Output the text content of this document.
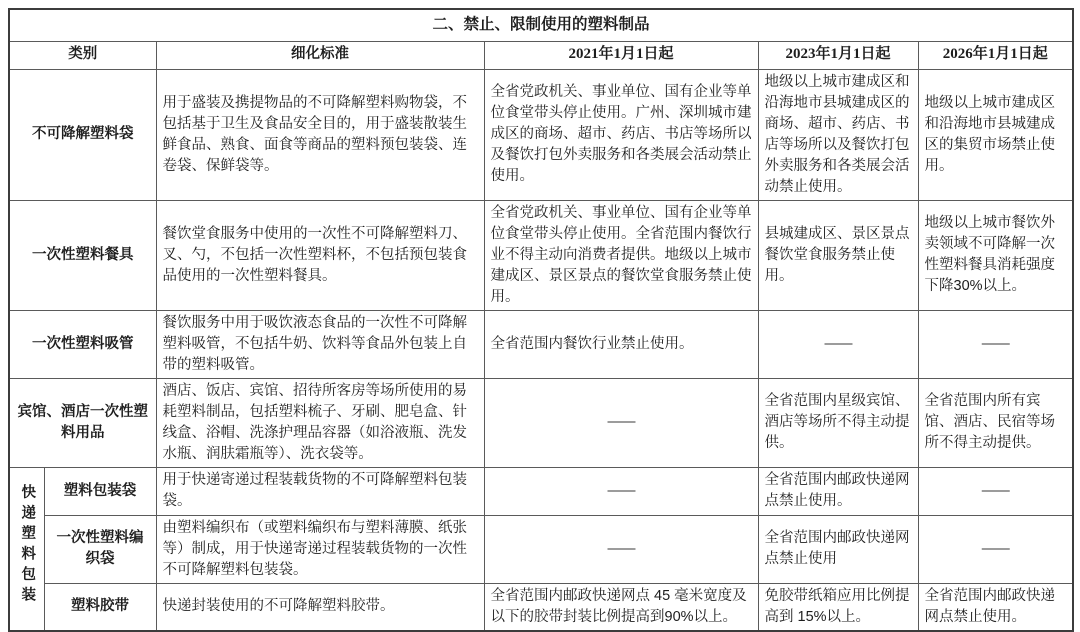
二、禁止、限制使用的塑料制品					
类别		细化标准	2021年1月1日起	2023年1月1日起	2026年1月1日起
不可降解塑料袋		用于盛装及携提物品的不可降解塑料购物袋，不包括基于卫生及食品安全目的，用于盛装散装生鲜食品、熟食、面食等商品的塑料预包装袋、连卷袋、保鲜袋等。	全省党政机关、事业单位、国有企业等单位食堂带头停止使用。广州、深圳城市建成区的商场、超市、药店、书店等场所以及餐饮打包外卖服务和各类展会活动禁止使用。	地级以上城市建成区和沿海地市县城建成区的商场、超市、药店、书店等场所以及餐饮打包外卖服务和各类展会活动禁止使用。	地级以上城市建成区和沿海地市县城建成区的集贸市场禁止使用。
一次性塑料餐具		餐饮堂食服务中使用的一次性不可降解塑料刀、叉、勺，不包括一次性塑料杯，不包括预包装食品使用的一次性塑料餐具。	全省党政机关、事业单位、国有企业等单位食堂带头停止使用。全省范围内餐饮行业不得主动向消费者提供。地级以上城市建成区、景区景点的餐饮堂食服务禁止使用。	县城建成区、景区景点餐饮堂食服务禁止使用。	地级以上城市餐饮外卖领域不可降解一次性塑料餐具消耗强度下降30%以上。
一次性塑料吸管		餐饮服务中用于吸饮液态食品的一次性不可降解塑料吸管，不包括牛奶、饮料等食品外包装上自带的塑料吸管。	全省范围内餐饮行业禁止使用。	——	——
宾馆、酒店一次性塑料用品		酒店、饭店、宾馆、招待所客房等场所使用的易耗塑料制品，包括塑料梳子、牙刷、肥皂盒、针线盒、浴帽、洗涤护理品容器（如浴液瓶、洗发水瓶、润肤霜瓶等）、洗衣袋等。	——	全省范围内星级宾馆、酒店等场所不得主动提供。	全省范围内所有宾馆、酒店、民宿等场所不得主动提供。
快递塑料包装	塑料包装袋	用于快递寄递过程装载货物的不可降解塑料包装袋。	——	全省范围内邮政快递网点禁止使用。	——
	一次性塑料编织袋	由塑料编织布（或塑料编织布与塑料薄膜、纸张等）制成，用于快递寄递过程装载货物的一次性不可降解塑料包装袋。	——	全省范围内邮政快递网点禁止使用	——
	塑料胶带	快递封装使用的不可降解塑料胶带。	全省范围内邮政快递网点 45 毫米宽度及以下的胶带封装比例提高到90%以上。	免胶带纸箱应用比例提高到 15%以上。	全省范围内邮政快递网点禁止使用。
